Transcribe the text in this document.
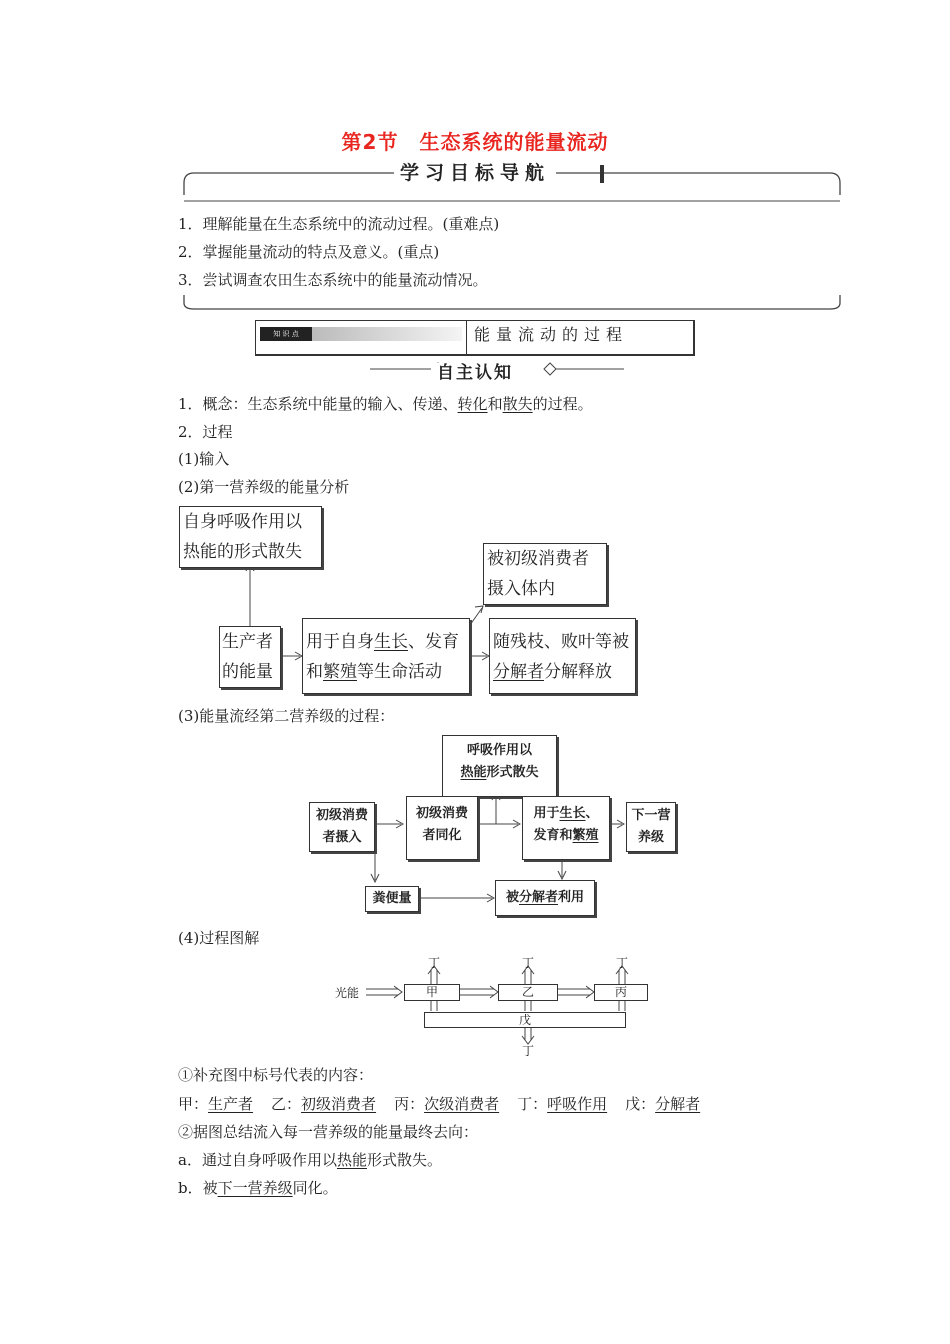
第2节　生态系统的能量流动
学习目标导航
1．理解能量在生态系统中的流动过程。(重难点)
2．掌握能量流动的特点及意义。(重点)
3．尝试调查农田生态系统中的能量流动情况。
知 识 点	能量流动的过程
自主认知
1．概念：生态系统中能量的输入、传递、转化和散失的过程。
2．过程
(1)输入
(2)第一营养级的能量分析
自身呼吸作用以
热能的形式散失
生产者
的能量
用于自身生长、发育
和繁殖等生命活动
被初级消费者
摄入体内
随残枝、败叶等被
分解者分解释放
(3)能量流经第二营养级的过程：
呼吸作用以
热能形式散失
初级消费
者摄入
初级消费
者同化
用于生长、
发育和繁殖
下一营
养级
粪便量	被分解者利用
(4)过程图解
光能	甲	乙	丙
戊
丁	丁	丁
丁
①补充图中标号代表的内容：
甲：生产者 乙：初级消费者 丙：次级消费者 丁：呼吸作用 戊：分解者
②据图总结流入每一营养级的能量最终去向：
a．通过自身呼吸作用以热能形式散失。
b．被下一营养级同化。
